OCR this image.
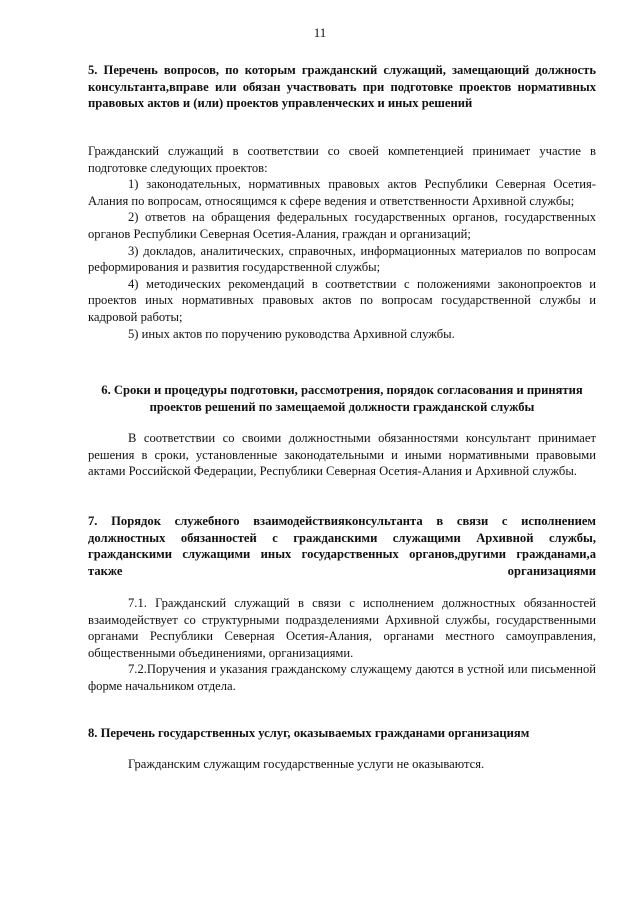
11
5. Перечень вопросов, по которым гражданский служащий, замещающий должность консультанта,вправе или обязан участвовать при подготовке проектов нормативных правовых актов и (или) проектов управленческих и иных решений

Гражданский служащий в соответствии со своей компетенцией принимает участие в подготовке следующих проектов:

1) законодательных, нормативных правовых актов Республики Северная Осетия-Алания по вопросам, относящимся к сфере ведения и ответственности Архивной службы;

2) ответов на обращения федеральных государственных органов, государственных органов Республики Северная Осетия-Алания, граждан и организаций;

3) докладов, аналитических, справочных, информационных материалов по вопросам реформирования и развития государственной службы;

4) методических рекомендаций в соответствии с положениями законопроектов и проектов иных нормативных правовых актов по вопросам государственной службы и кадровой работы;

5) иных актов по поручению руководства Архивной службы.

6. Сроки и процедуры подготовки, рассмотрения, порядок согласования и принятия проектов решений по замещаемой должности гражданской службы
В соответствии со своими должностными обязанностями консультант принимает решения в сроки, установленные законодательными и иными нормативными правовыми актами Российской Федерации, Республики Северная Осетия-Алания и Архивной службы.
7. Порядок служебного взаимодействияконсультанта в связи с исполнением должностных обязанностей с гражданскими служащими Архивной службы, гражданскими служащими иных государственных органов,другими гражданами,а также организациями

7.1. Гражданский служащий в связи с исполнением должностных обязанностей взаимодействует со структурными подразделениями Архивной службы, государственными органами Республики Северная Осетия-Алания, органами местного самоуправления, общественными объединениями, организациями.

7.2.Поручения и указания гражданскому служащему даются в устной или письменной форме начальником отдела.

8. Перечень государственных услуг, оказываемых гражданами организациям
Гражданским служащим государственные услуги не оказываются.
